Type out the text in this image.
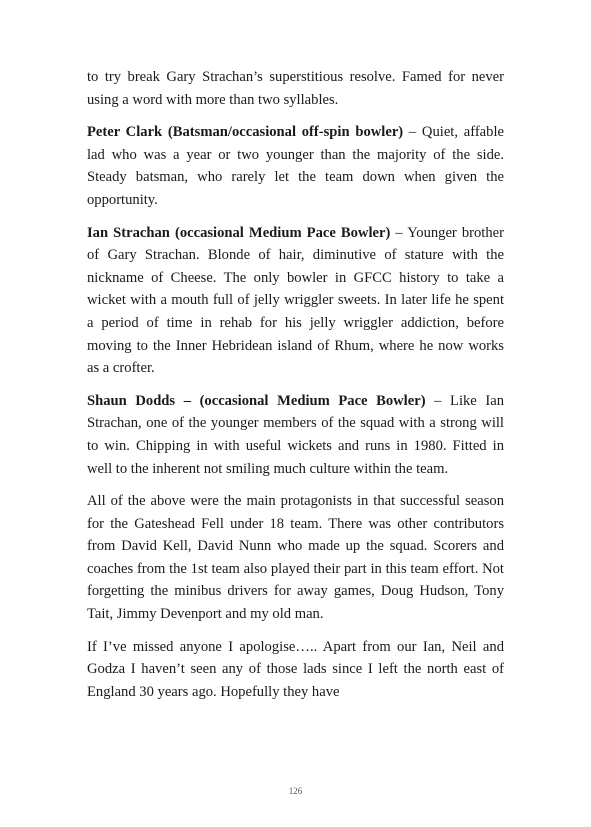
to try break Gary Strachan’s superstitious resolve. Famed for never using a word with more than two syllables.

Peter Clark (Batsman/occasional off-spin bowler) – Quiet, affable lad who was a year or two younger than the majority of the side. Steady batsman, who rarely let the team down when given the opportunity.

Ian Strachan (occasional Medium Pace Bowler) – Younger brother of Gary Strachan. Blonde of hair, diminutive of stature with the nickname of Cheese. The only bowler in GFCC history to take a wicket with a mouth full of jelly wriggler sweets. In later life he spent a period of time in rehab for his jelly wriggler addiction, before moving to the Inner Hebridean island of Rhum, where he now works as a crofter.

Shaun Dodds – (occasional Medium Pace Bowler) – Like Ian Strachan, one of the younger members of the squad with a strong will to win. Chipping in with useful wickets and runs in 1980. Fitted in well to the inherent not smiling much culture within the team.

All of the above were the main protagonists in that successful season for the Gateshead Fell under 18 team. There was other contributors from David Kell, David Nunn who made up the squad. Scorers and coaches from the 1st team also played their part in this team effort. Not forgetting the minibus drivers for away games, Doug Hudson, Tony Tait, Jimmy Devenport and my old man.

If I’ve missed anyone I apologise….. Apart from our Ian, Neil and Godza I haven’t seen any of those lads since I left the north east of England 30 years ago. Hopefully they have

126
